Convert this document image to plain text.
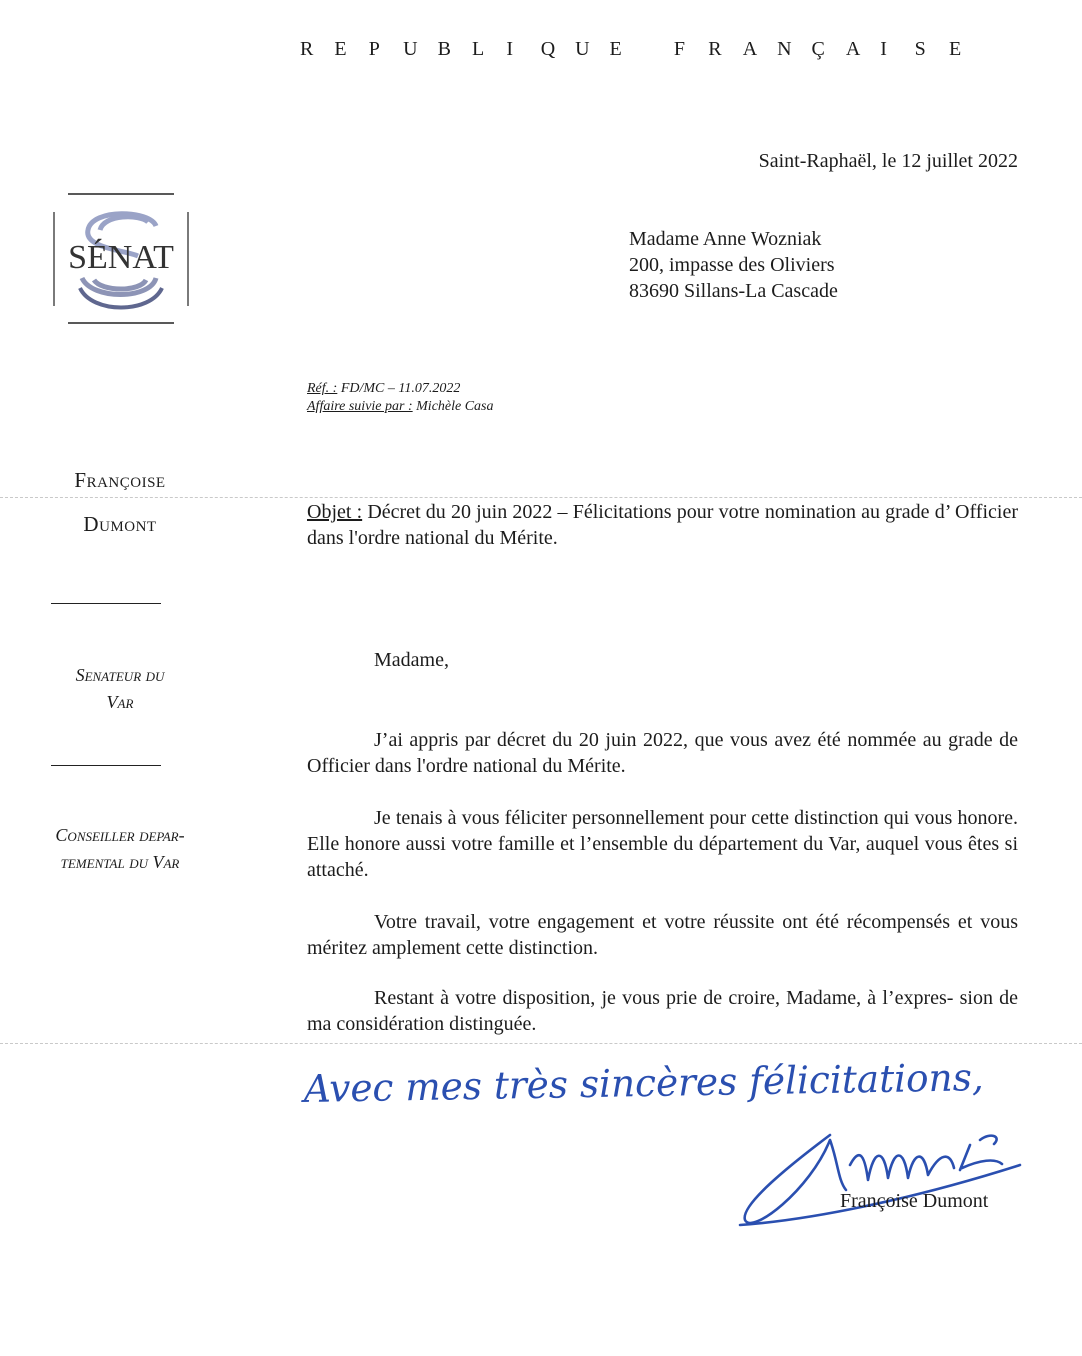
R E P U B L I Q U E	F R A N Ç A I S E
Saint-Raphaël, le 12 juillet 2022
SÉNAT	Madame Anne Wozniak
200, impasse des Oliviers
83690 Sillans-La Cascade
Réf. : FD/MC – 11.07.2022
Affaire suivie par : Michèle Casa
Françoise
Dumont
Senateur du
Var
Conseiller depar-
temental du Var
Objet : Décret du 20 juin 2022 – Félicitations pour votre nomination au grade d’ Officier dans l'ordre national du Mérite.
Madame,

J’ai appris par décret du 20 juin 2022, que vous avez été nommée au grade de Officier dans l'ordre national du Mérite.

Je tenais à vous féliciter personnellement pour cette distinction qui vous honore. Elle honore aussi votre famille et l’ensemble du département du Var, auquel vous êtes si attaché.

Votre travail, votre engagement et votre réussite ont été récompensés et vous méritez amplement cette distinction.

Restant à votre disposition, je vous prie de croire, Madame, à l’expres- sion de ma considération distinguée.

Avec mes très sincères félicitations,
Françoise Dumont
